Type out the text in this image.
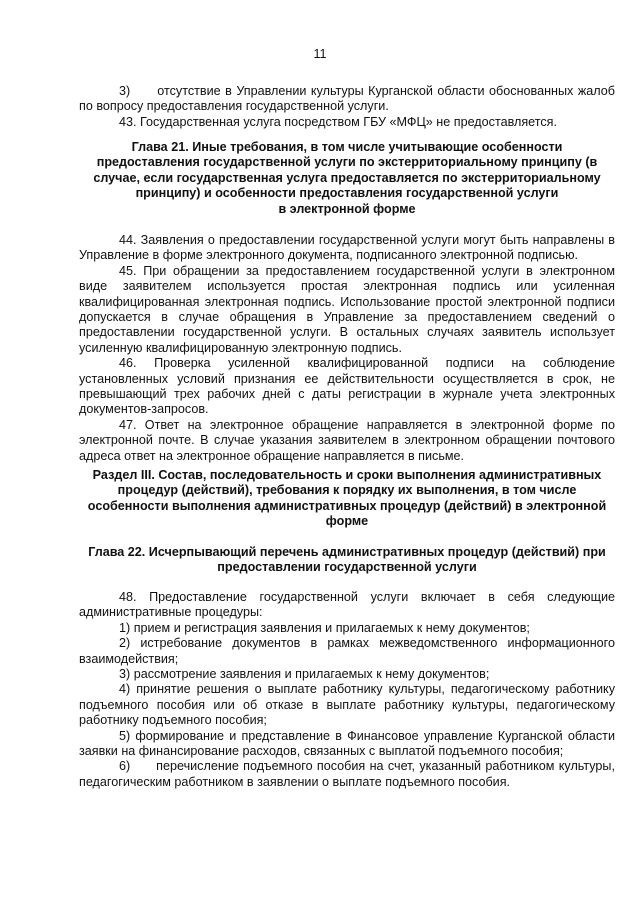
11

3)      отсутствие в Управлении культуры Курганской области обоснованных жалоб по вопросу предоставления государственной услуги.

43. Государственная услуга посредством ГБУ «МФЦ» не предоставляется.

Глава 21. Иные требования, в том числе учитывающие особенности

предоставления государственной услуги по экстерриториальному принципу (в

случае, если государственная услуга предоставляется по экстерриториальному

принципу) и особенности предоставления государственной услуги

в электронной форме

44. Заявления о предоставлении государственной услуги могут быть направлены в Управление в форме электронного документа, подписанного электронной подписью.

45. При обращении за предоставлением государственной услуги в электронном виде заявителем используется простая электронная подпись или усиленная квалифицированная электронная подпись. Использование простой электронной подписи допускается в случае обращения в Управление за предоставлением сведений о предоставлении государственной услуги. В остальных случаях заявитель использует усиленную квалифицированную электронную подпись.

46. Проверка усиленной квалифицированной подписи на соблюдение установленных условий признания ее действительности осуществляется в срок, не превышающий трех рабочих дней с даты регистрации в журнале учета электронных документов-запросов.

47. Ответ на электронное обращение направляется в электронной форме по электронной почте. В случае указания заявителем в электронном обращении почтового адреса ответ на электронное обращение направляется в письме.

Раздел III. Состав, последовательность и сроки выполнения административных

процедур (действий), требования к порядку их выполнения, в том числе

особенности выполнения административных процедур (действий) в электронной

форме

Глава 22. Исчерпывающий перечень административных процедур (действий) при

предоставлении государственной услуги

48. Предоставление государственной услуги включает в себя следующие административные процедуры:

1) прием и регистрация заявления и прилагаемых к нему документов;

2) истребование документов в рамках межведомственного информационного взаимодействия;

3) рассмотрение заявления и прилагаемых к нему документов;

4) принятие решения о выплате работнику культуры, педагогическому работнику подъемного пособия или об отказе в выплате работнику культуры, педагогическому работнику подъемного пособия;

5) формирование и представление в Финансовое управление Курганской области заявки на финансирование расходов, связанных с выплатой подъемного пособия;

6)      перечисление подъемного пособия на счет, указанный работником культуры, педагогическим работником в заявлении о выплате подъемного пособия.
